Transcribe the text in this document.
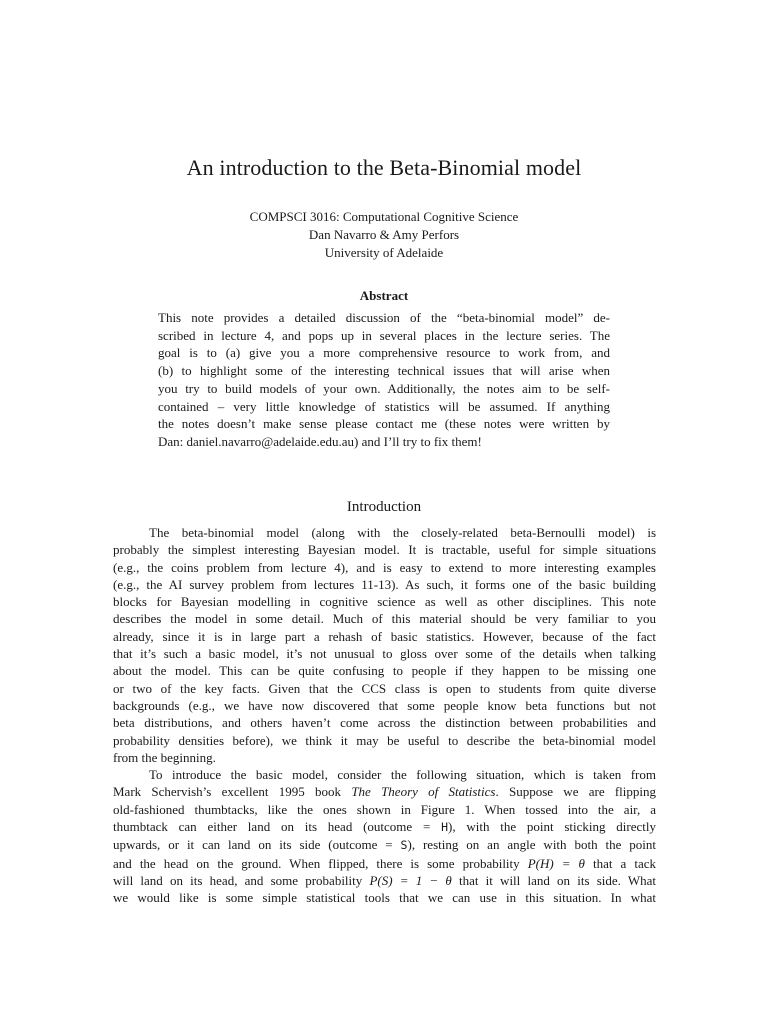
An introduction to the Beta-Binomial model
COMPSCI 3016: Computational Cognitive Science
Dan Navarro & Amy Perfors
University of Adelaide
Abstract
This note provides a detailed discussion of the “beta-binomial model” de-
scribed in lecture 4, and pops up in several places in the lecture series. The
goal is to (a) give you a more comprehensive resource to work from, and
(b) to highlight some of the interesting technical issues that will arise when
you try to build models of your own. Additionally, the notes aim to be self-
contained – very little knowledge of statistics will be assumed. If anything
the notes doesn’t make sense please contact me (these notes were written by
Dan: daniel.navarro@adelaide.edu.au) and I’ll try to fix them!
Introduction
The beta-binomial model (along with the closely-related beta-Bernoulli model) is
probably the simplest interesting Bayesian model. It is tractable, useful for simple situations
(e.g., the coins problem from lecture 4), and is easy to extend to more interesting examples
(e.g., the AI survey problem from lectures 11-13). As such, it forms one of the basic building
blocks for Bayesian modelling in cognitive science as well as other disciplines. This note
describes the model in some detail. Much of this material should be very familiar to you
already, since it is in large part a rehash of basic statistics. However, because of the fact
that it’s such a basic model, it’s not unusual to gloss over some of the details when talking
about the model. This can be quite confusing to people if they happen to be missing one
or two of the key facts. Given that the CCS class is open to students from quite diverse
backgrounds (e.g., we have now discovered that some people know beta functions but not
beta distributions, and others haven’t come across the distinction between probabilities and
probability densities before), we think it may be useful to describe the beta-binomial model
from the beginning.
To introduce the basic model, consider the following situation, which is taken from
Mark Schervish’s excellent 1995 book The Theory of Statistics. Suppose we are flipping
old-fashioned thumbtacks, like the ones shown in Figure 1. When tossed into the air, a
thumbtack can either land on its head (outcome = H), with the point sticking directly
upwards, or it can land on its side (outcome = S), resting on an angle with both the point
and the head on the ground. When flipped, there is some probability P(H) = θ that a tack
will land on its head, and some probability P(S) = 1 − θ that it will land on its side. What
we would like is some simple statistical tools that we can use in this situation. In what
